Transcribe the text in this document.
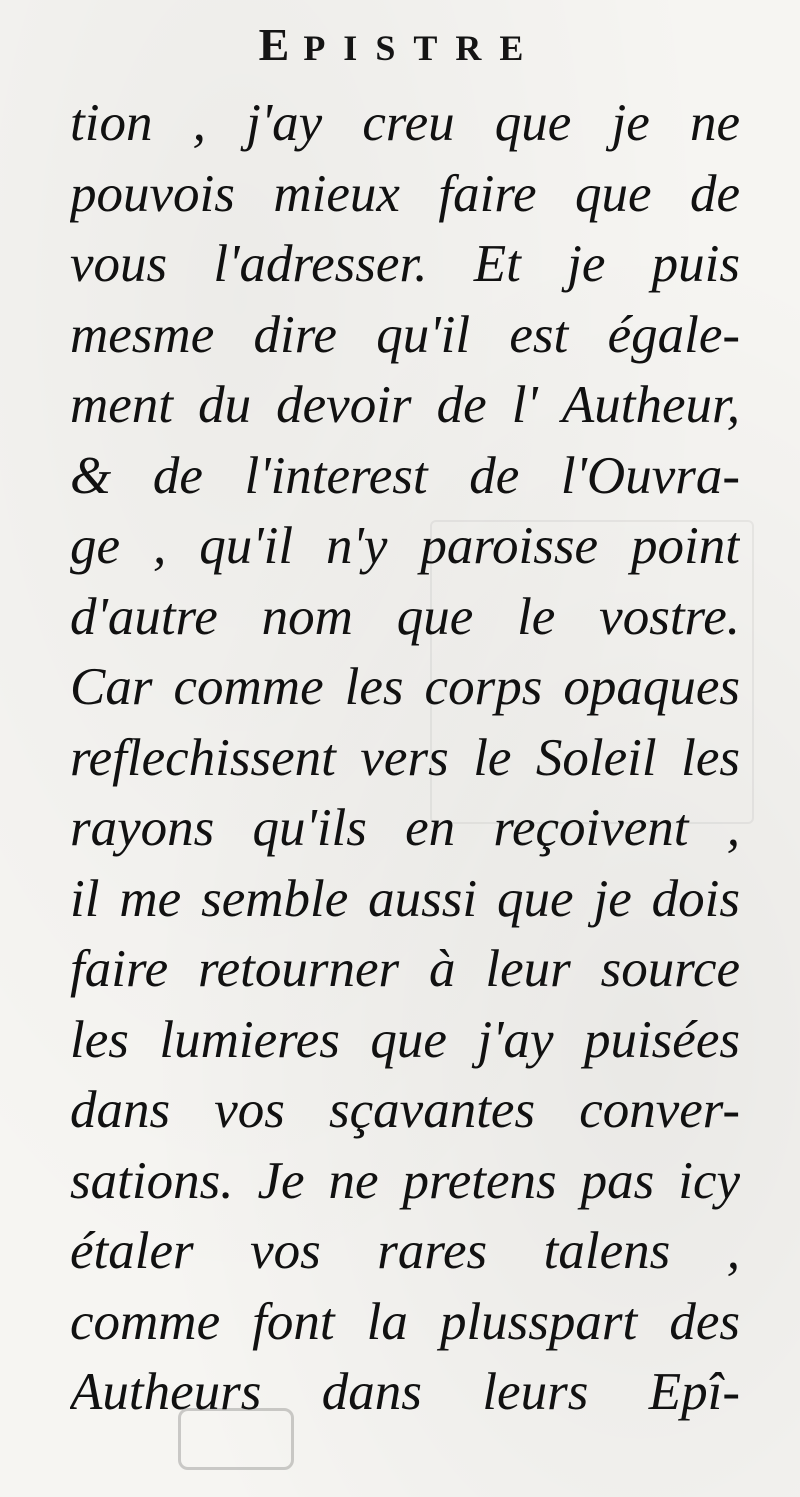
EPISTRE
tion , j'ay creu que je ne
pouvois mieux faire que de
vous l'adresser. Et je puis
mesme dire qu'il est égale-
ment du devoir de l' Autheur,
& de l'interest de l'Ouvra-
ge , qu'il n'y paroisse point
d'autre nom que le vostre.
Car comme les corps opaques
reflechissent vers le Soleil les
rayons qu'ils en reçoivent ,
il me semble aussi que je dois
faire retourner à leur source
les lumieres que j'ay puisées
dans vos sçavantes conver-
sations. Je ne pretens pas icy
étaler vos rares talens ,
comme font la plusspart des
Autheurs dans leurs Epî-
